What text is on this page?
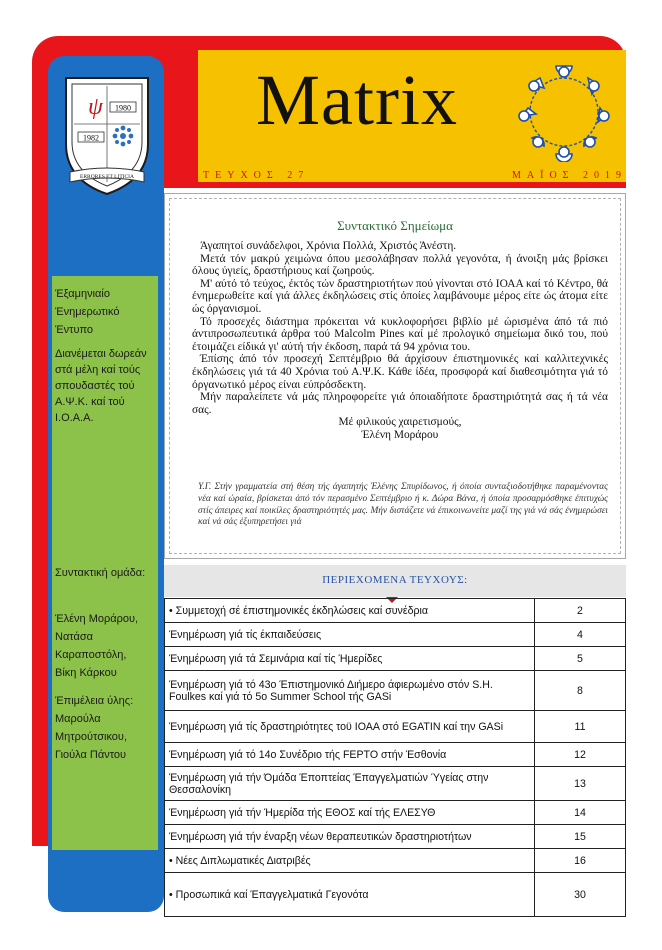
ψ 1980
1982
ERRORES ET LITICIA
Matrix
ΤΕΥΧΟΣ 27	ΜΑΪΟΣ 2019
Έξαμηνιαίο
Ένημερωτικό
Έντυπο
Διανέμεται δωρεάν στά μέλη καί τούς σπουδαστές τού Α.Ψ.Κ. καί τού Ι.Ο.Α.Α.
Συντακτική ομάδα:
Έλένη Μοράρου,
Νατάσα Καραποστόλη,
Βίκη Κάρκου
Έπιμέλεια ύλης:
Μαρούλα Μητρούτσικου,
Γιούλα Πάντου
Συντακτικό Σημείωμα

Άγαπητοί συνάδελφοι, Χρόνια Πολλά, Χριστός Άνέστη.

Μετά τόν μακρύ χειμώνα όπου μεσολάβησαν πολλά γεγονότα, ή άνοιξη μάς βρίσκει όλους ύγιείς, δραστήριους καί ζωηρούς.

Μ' αύτό τό τεύχος, έκτός τών δραστηριοτήτων πού γίνονται στό ΙΟΑΑ καί τό Κέντρο, θά ένημερωθείτε καί γιά άλλες έκδηλώσεις στίς όποίες λαμβάνουμε μέρος είτε ώς άτομα είτε ώς όργανισμοί.

Τό προσεχές διάστημα πρόκειται νά κυκλοφορήσει βιβλίο μέ ώρισμένα άπό τά πιό άντιπροσωπευτικά άρθρα τού Malcolm Pines καί μέ προλογικό σημείωμα δικό του, πού έτοιμάζει είδικά γι' αύτή τήν έκδοση, παρά τά 94 χρόνια του.

Έπίσης άπό τόν προσεχή Σεπτέμβριο θά άρχίσουν έπιστημονικές καί καλλιτεχνικές έκδηλώσεις γιά τά 40 Χρόνια τού Α.Ψ.Κ. Κάθε ίδέα, προσφορά καί διαθεσιμότητα γιά τό όργανωτικό μέρος είναι εύπρόσδεκτη.

Μήν παραλείπετε νά μάς πληροφορείτε γιά όποιαδήποτε δραστηριότητά σας ή τά νέα σας.

Μέ φιλικούς χαιρετισμούς,

Έλένη Μοράρου

Υ.Γ. Στήν γραμματεία στή θέση τής άγαπητής Έλένης Σπυρίδωνος, ή όποία συνταξιοδοτήθηκε παραμένοντας νέα καί ώραία, βρίσκεται άπό τόν περασμένο Σεπτέμβριο ή κ. Δώρα Βάνα, ή όποία προσαρμόσθηκε έπιτυχώς στίς άπειρες καί ποικίλες δραστηριότητές μας. Μήν διστάζετε νά έπικοινωνείτε μαζί της γιά νά σάς ένημερώσει καί νά σάς έξυπηρετήσει γιά
ΠΕΡΙΕΧΟΜΕΝΑ ΤΕΥΧΟΥΣ:
• Συμμετοχή σέ έπιστημονικές έκδηλώσεις καί συνέδρια	2
Ένημέρωση γιά τίς έκπαιδεύσεις	4
Ένημέρωση γιά τά Σεμινάρια καί τίς Ήμερίδες	5
Ένημέρωση γιά τό 43ο Έπιστημονικό Διήμερο άφιερωμένο στόν S.H. Foulkes καί γιά τό 5ο Summer School τής GASi	8
Ένημέρωση γιά τίς δραστηριότητες τοϋ ΙΟΑΑ στό EGATIN καί την GASi	11
Ένημέρωση γιά τό 14ο Συνέδριο τής FEPTO στήν Έσθονία	12
Ένημέρωση γιά τήν Όμάδα Έποπτείας Έπαγγελματιών Ύγείας στην Θεσσαλονίκη	13
Ένημέρωση γιά τήν Ήμερίδα τής ΕΘΟΣ καί τής ΕΛΕΣΥΘ	14
Ένημέρωση γιά τήν έναρξη νέων θεραπευτικών δραστηριοτήτων	15
• Νέες Διπλωματικές Διατριβές	16
• Προσωπικά καί Έπαγγελματικά Γεγονότα	30
